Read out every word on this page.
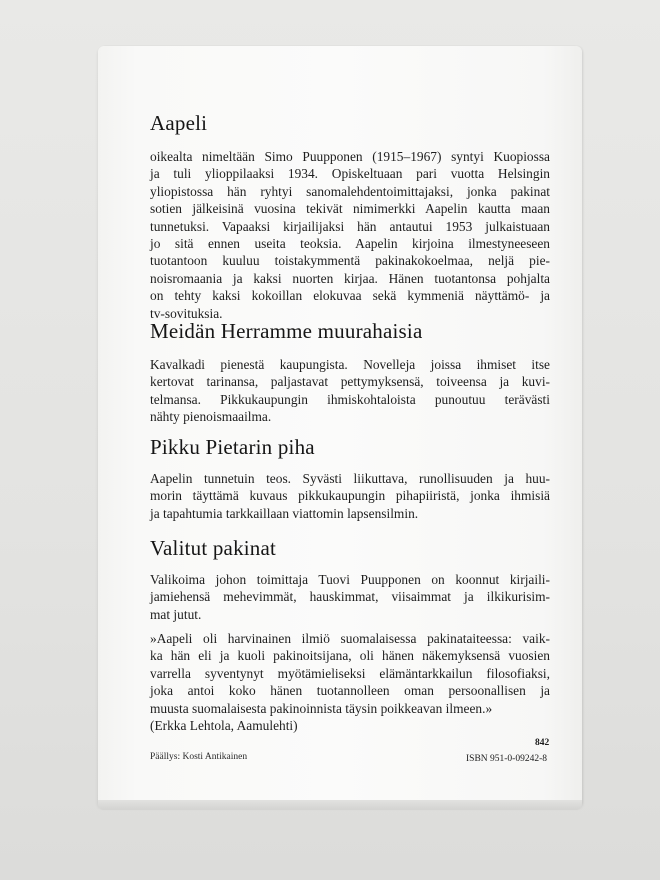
Aapeli
oikealta nimeltään Simo Puupponen (1915–1967) syntyi Kuopiossa
ja tuli ylioppilaaksi 1934. Opiskeltuaan pari vuotta Helsingin
yliopistossa hän ryhtyi sanomalehdentoimittajaksi, jonka pakinat
sotien jälkeisinä vuosina tekivät nimimerkki Aapelin kautta maan
tunnetuksi. Vapaaksi kirjailijaksi hän antautui 1953 julkaistuaan
jo sitä ennen useita teoksia. Aapelin kirjoina ilmestyneeseen
tuotantoon kuuluu toistakymmentä pakinakokoelmaa, neljä pie-
noisromaania ja kaksi nuorten kirjaa. Hänen tuotantonsa pohjalta
on tehty kaksi kokoillan elokuvaa sekä kymmeniä näyttämö- ja
tv-sovituksia.
Meidän Herramme muurahaisia
Kavalkadi pienestä kaupungista. Novelleja joissa ihmiset itse
kertovat tarinansa, paljastavat pettymyksensä, toiveensa ja kuvi-
telmansa. Pikkukaupungin ihmiskohtaloista punoutuu terävästi
nähty pienoismaailma.
Pikku Pietarin piha
Aapelin tunnetuin teos. Syvästi liikuttava, runollisuuden ja huu-
morin täyttämä kuvaus pikkukaupungin pihapiiristä, jonka ihmisiä
ja tapahtumia tarkkaillaan viattomin lapsensilmin.
Valitut pakinat
Valikoima johon toimittaja Tuovi Puupponen on koonnut kirjaili-
jamiehensä mehevimmät, hauskimmat, viisaimmat ja ilkikurisim-
mat jutut.
»Aapeli oli harvinainen ilmiö suomalaisessa pakinataiteessa: vaik-
ka hän eli ja kuoli pakinoitsijana, oli hänen näkemyksensä vuosien
varrella syventynyt myötämieliseksi elämäntarkkailun filosofiaksi,
joka antoi koko hänen tuotannolleen oman persoonallisen ja
muusta suomalaisesta pakinoinnista täysin poikkeavan ilmeen.»
(Erkka Lehtola, Aamulehti)
Päällys: Kosti Antikainen
842
ISBN 951-0-09242-8
